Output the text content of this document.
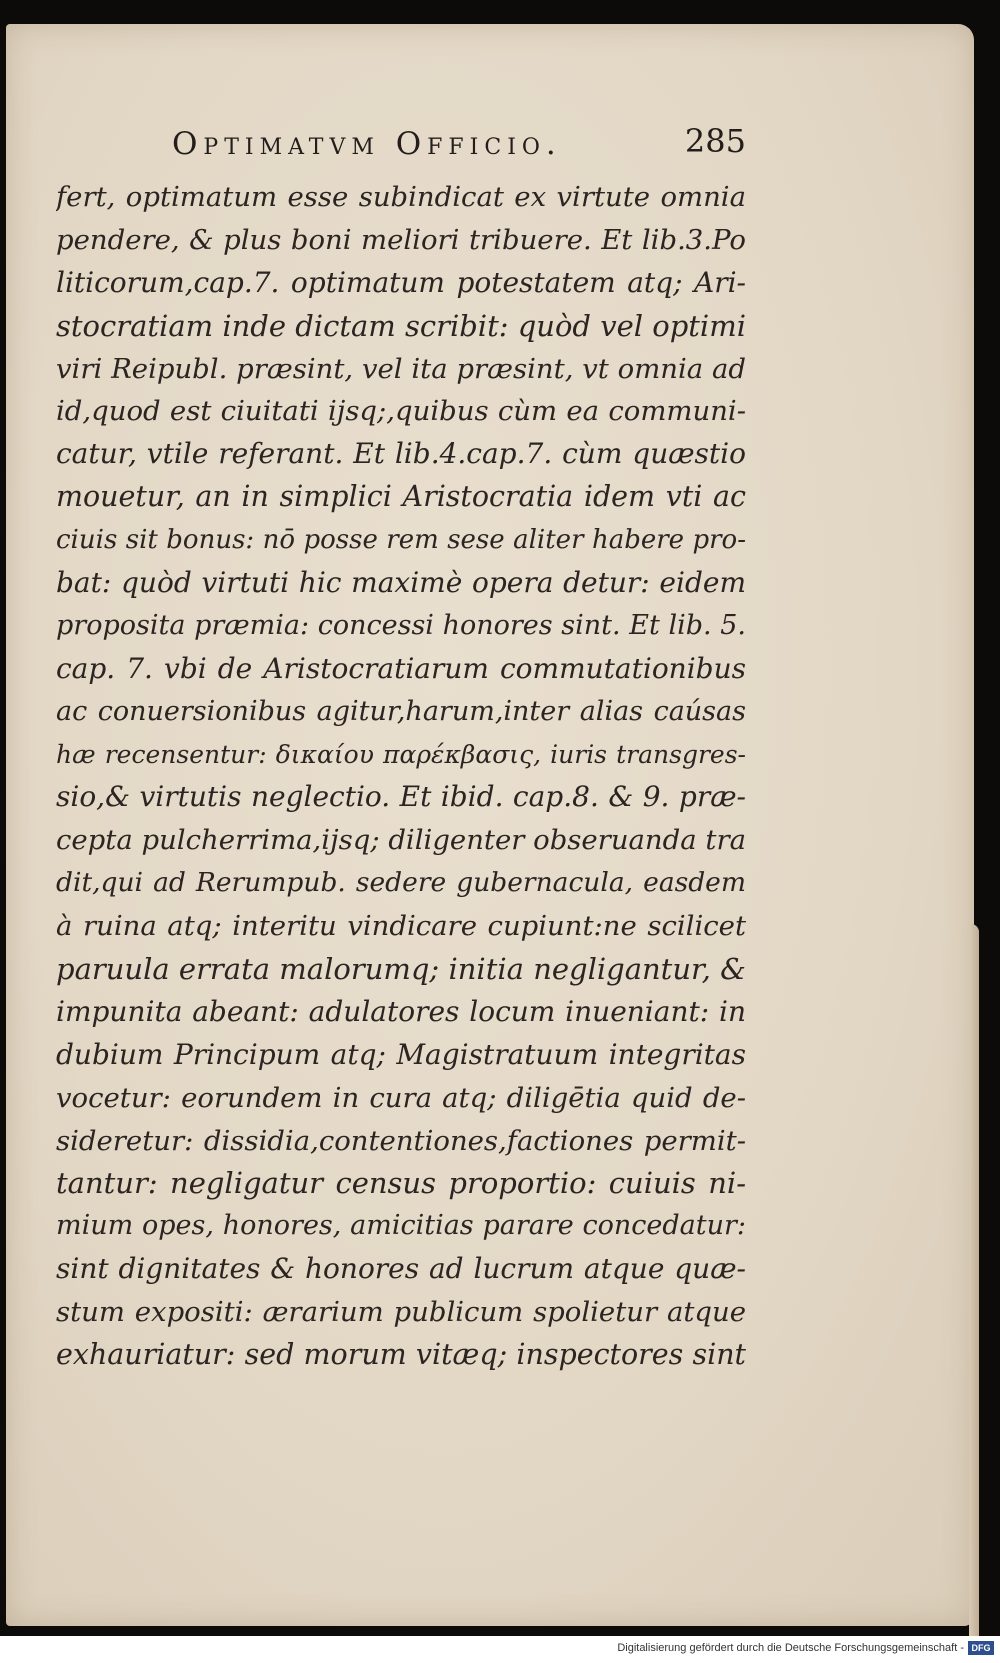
Optimatvm Officio.	285
fert, optimatum esse subindicat ex virtute omnia
pendere, & plus boni meliori tribuere. Et lib.3.Po
liticorum,cap.7. optimatum potestatem atq; Ari-
stocratiam inde dictam scribit: quòd vel optimi
viri Reipubl. præsint, vel ita præsint, vt omnia ad
id,quod est ciuitati ijsq;,quibus cùm ea communi-
catur, vtile referant. Et lib.4.cap.7. cùm quæstio
mouetur, an in simplici Aristocratia idem vti ac
ciuis sit bonus: nō posse rem sese aliter habere pro-
bat: quòd virtuti hic maximè opera detur: eidem
proposita præmia: concessi honores sint. Et lib. 5.
cap. 7. vbi de Aristocratiarum commutationibus
ac conuersionibus agitur,harum,inter alias caúsas
hæ recensentur: δικαίου παρέκβασις, iuris transgres-
sio,& virtutis neglectio. Et ibid. cap.8. & 9. præ-
cepta pulcherrima,ijsq; diligenter obseruanda tra
dit,qui ad Rerumpub. sedere gubernacula, easdem
à ruina atq; interitu vindicare cupiunt:ne scilicet
paruula errata malorumq; initia negligantur, &
impunita abeant: adulatores locum inueniant: in
dubium Principum atq; Magistratuum integritas
vocetur: eorundem in cura atq; diligētia quid de-
sideretur: dissidia,contentiones,factiones permit-
tantur: negligatur census proportio: cuiuis ni-
mium opes, honores, amicitias parare concedatur:
sint dignitates & honores ad lucrum atque quæ-
stum expositi: ærarium publicum spolietur atque
exhauriatur: sed morum vitæq; inspectores sint
Digitalisierung gefördert durch die Deutsche Forschungsgemeinschaft - DFG
